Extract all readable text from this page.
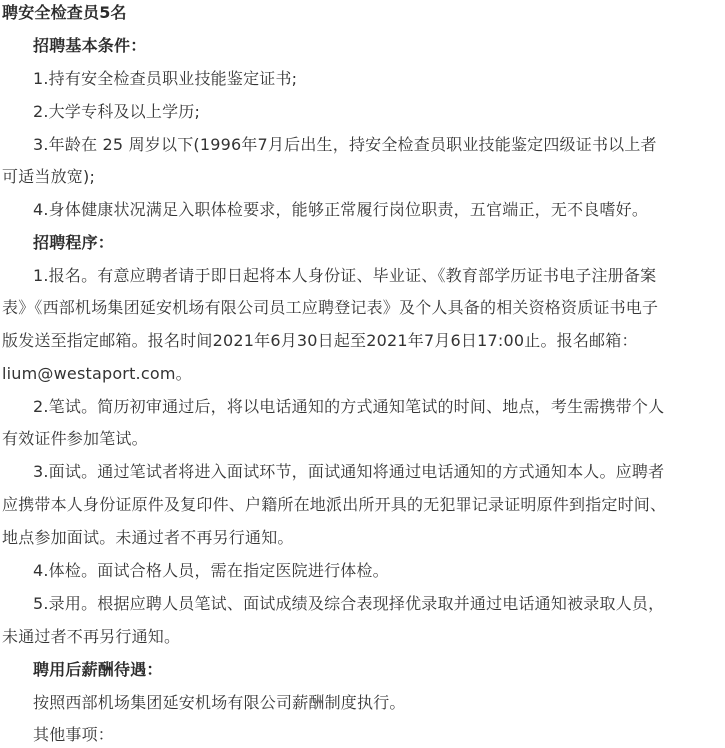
聘安全检查员5名
招聘基本条件：
1.持有安全检查员职业技能鉴定证书;
2.大学专科及以上学历;
3.年龄在 25 周岁以下(1996年7月后出生，持安全检查员职业技能鉴定四级证书以上者
可适当放宽);
4.身体健康状况满足入职体检要求，能够正常履行岗位职责，五官端正，无不良嗜好。
招聘程序：
1.报名。有意应聘者请于即日起将本人身份证、毕业证、《教育部学历证书电子注册备案
表》《西部机场集团延安机场有限公司员工应聘登记表》及个人具备的相关资格资质证书电子
版发送至指定邮箱。报名时间2021年6月30日起至2021年7月6日17:00止。报名邮箱：
lium@westaport.com。
2.笔试。简历初审通过后，将以电话通知的方式通知笔试的时间、地点，考生需携带个人
有效证件参加笔试。
3.面试。通过笔试者将进入面试环节，面试通知将通过电话通知的方式通知本人。应聘者
应携带本人身份证原件及复印件、户籍所在地派出所开具的无犯罪记录证明原件到指定时间、
地点参加面试。未通过者不再另行通知。
4.体检。面试合格人员，需在指定医院进行体检。
5.录用。根据应聘人员笔试、面试成绩及综合表现择优录取并通过电话通知被录取人员，
未通过者不再另行通知。
聘用后薪酬待遇：
按照西部机场集团延安机场有限公司薪酬制度执行。
其他事项：
